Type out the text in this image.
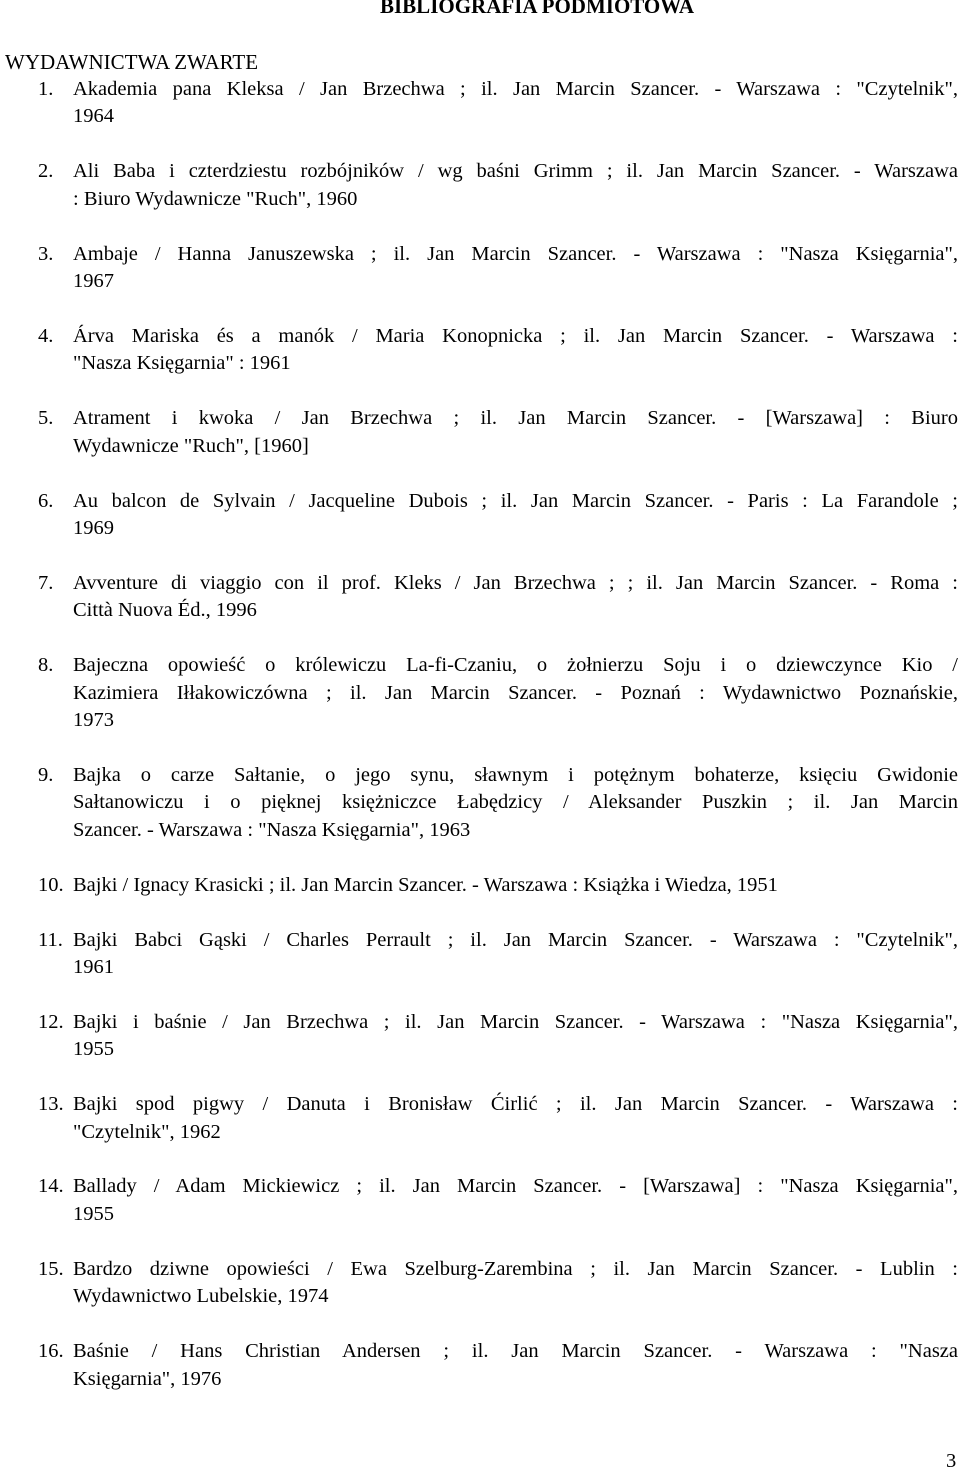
BIBLIOGRAFIA PODMIOTOWA
WYDAWNICTWA ZWARTE
1. Akademia pana Kleksa / Jan Brzechwa ; il. Jan Marcin Szancer. - Warszawa : "Czytelnik",
1964
2. Ali Baba i czterdziestu rozbójników / wg baśni Grimm ; il. Jan Marcin Szancer. - Warszawa
: Biuro Wydawnicze "Ruch", 1960
3. Ambaje / Hanna Januszewska ; il. Jan Marcin Szancer. - Warszawa : "Nasza Księgarnia",
1967
4. Árva Mariska és a manók / Maria Konopnicka ; il. Jan Marcin Szancer. - Warszawa :
"Nasza Księgarnia" : 1961
5. Atrament i kwoka / Jan Brzechwa ; il. Jan Marcin Szancer. - [Warszawa] : Biuro
Wydawnicze "Ruch", [1960]
6. Au balcon de Sylvain / Jacqueline Dubois ; il. Jan Marcin Szancer. - Paris : La Farandole ;
1969
7. Avventure di viaggio con il prof. Kleks / Jan Brzechwa ; ; il. Jan Marcin Szancer. - Roma :
Città Nuova Éd., 1996
8. Bajeczna opowieść o królewiczu La-fi-Czaniu, o żołnierzu Soju i o dziewczynce Kio /
Kazimiera Iłłakowiczówna ; il. Jan Marcin Szancer. - Poznań : Wydawnictwo Poznańskie,
1973
9. Bajka o carze Sałtanie, o jego synu, sławnym i potężnym bohaterze, księciu Gwidonie
Sałtanowiczu i o pięknej księżniczce Łabędzicy / Aleksander Puszkin ; il. Jan Marcin
Szancer. - Warszawa : "Nasza Księgarnia", 1963
10. Bajki / Ignacy Krasicki ; il. Jan Marcin Szancer. - Warszawa : Książka i Wiedza, 1951
11. Bajki Babci Gąski / Charles Perrault ; il. Jan Marcin Szancer. - Warszawa : "Czytelnik",
1961
12. Bajki i baśnie / Jan Brzechwa ; il. Jan Marcin Szancer. - Warszawa : "Nasza Księgarnia",
1955
13. Bajki spod pigwy / Danuta i Bronisław Ćirlić ; il. Jan Marcin Szancer. - Warszawa :
"Czytelnik", 1962
14. Ballady / Adam Mickiewicz ; il. Jan Marcin Szancer. - [Warszawa] : "Nasza Księgarnia",
1955
15. Bardzo dziwne opowieści / Ewa Szelburg-Zarembina ; il. Jan Marcin Szancer. - Lublin :
Wydawnictwo Lubelskie, 1974
16. Baśnie / Hans Christian Andersen ; il. Jan Marcin Szancer. - Warszawa : "Nasza
Księgarnia", 1976
3
